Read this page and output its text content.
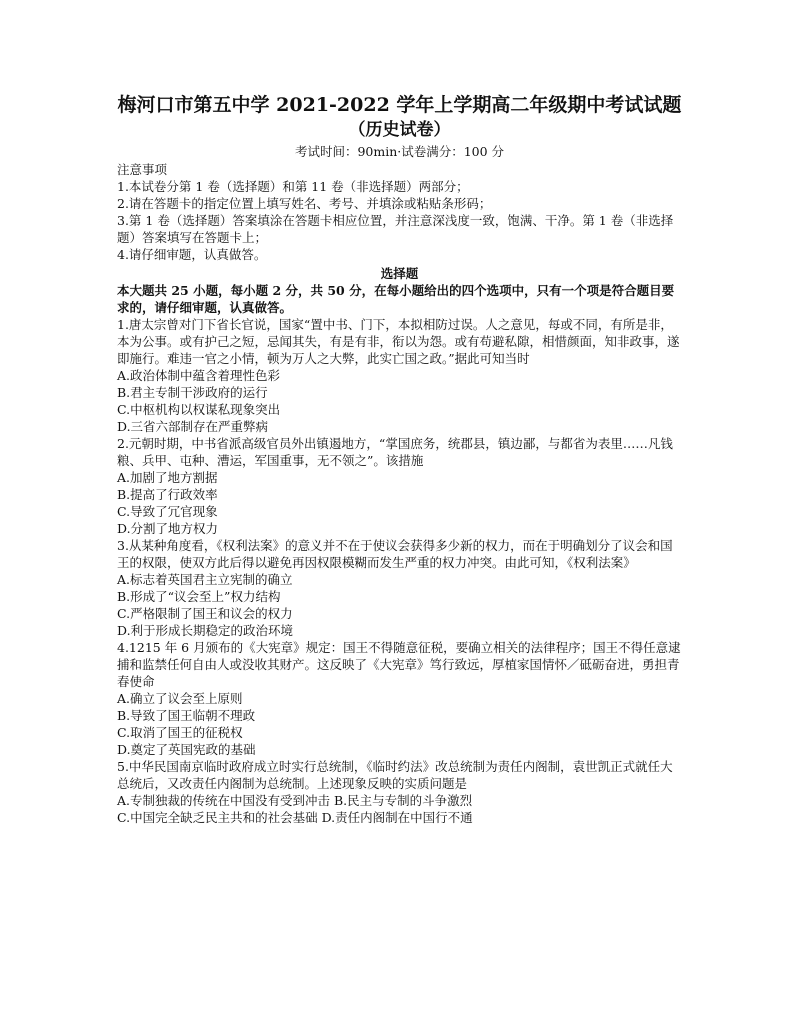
梅河口市第五中学 2021-2022 学年上学期高二年级期中考试试题

（历史试卷）

考试时间：90min·试卷满分：100 分

注意事项

1.本试卷分第 1 卷（选择题）和第 11 卷（非选择题）两部分；

2.请在答题卡的指定位置上填写姓名、考号、并填涂或粘贴条形码；

3.第 1 卷（选择题）答案填涂在答题卡相应位置，并注意深浅度一致，饱满、干净。第 1 卷（非选择题）答案填写在答题卡上；

4.请仔细审题，认真做答。

选择题

本大题共 25 小题，每小题 2 分，共 50 分，在每小题给出的四个选项中，只有一个项是符合题目要求的，请仔细审题，认真做答。

1.唐太宗曾对门下省长官说，国家“置中书、门下，本拟相防过误。人之意见，每或不同，有所是非，本为公事。或有护己之短，忌闻其失，有是有非，衔以为怨。或有苟避私隙，相惜颜面，知非政事，遂即施行。难违一官之小情，顿为万人之大弊，此实亡国之政。”据此可知当时

A.政治体制中蕴含着理性色彩

B.君主专制干涉政府的运行

C.中枢机构以权谋私现象突出

D.三省六部制存在严重弊病

2.元朝时期，中书省派高级官员外出镇遏地方，“掌国庶务，统郡县，镇边鄙，与都省为表里……凡钱粮、兵甲、屯种、漕运，军国重事，无不领之”。该措施

A.加剧了地方割据

B.提高了行政效率

C.导致了冗官现象

D.分割了地方权力

3.从某种角度看，《权利法案》的意义并不在于使议会获得多少新的权力，而在于明确划分了议会和国王的权限，使双方此后得以避免再因权限模糊而发生严重的权力冲突。由此可知，《权利法案》

A.标志着英国君主立宪制的确立

B.形成了“议会至上”权力结构

C.严格限制了国王和议会的权力

D.利于形成长期稳定的政治环境

4.1215 年 6 月颁布的《大宪章》规定：国王不得随意征税，要确立相关的法律程序；国王不得任意逮捕和监禁任何自由人或没收其财产。这反映了《大宪章》笃行致远，厚植家国情怀／砥砺奋进，勇担青春使命

A.确立了议会至上原则

B.导致了国王临朝不理政

C.取消了国王的征税权

D.奠定了英国宪政的基础

5.中华民国南京临时政府成立时实行总统制，《临时约法》改总统制为责任内阁制，袁世凯正式就任大总统后，又改责任内阁制为总统制。上述现象反映的实质问题是

A.专制独裁的传统在中国没有受到冲击 B.民主与专制的斗争激烈

C.中国完全缺乏民主共和的社会基础 D.责任内阁制在中国行不通
